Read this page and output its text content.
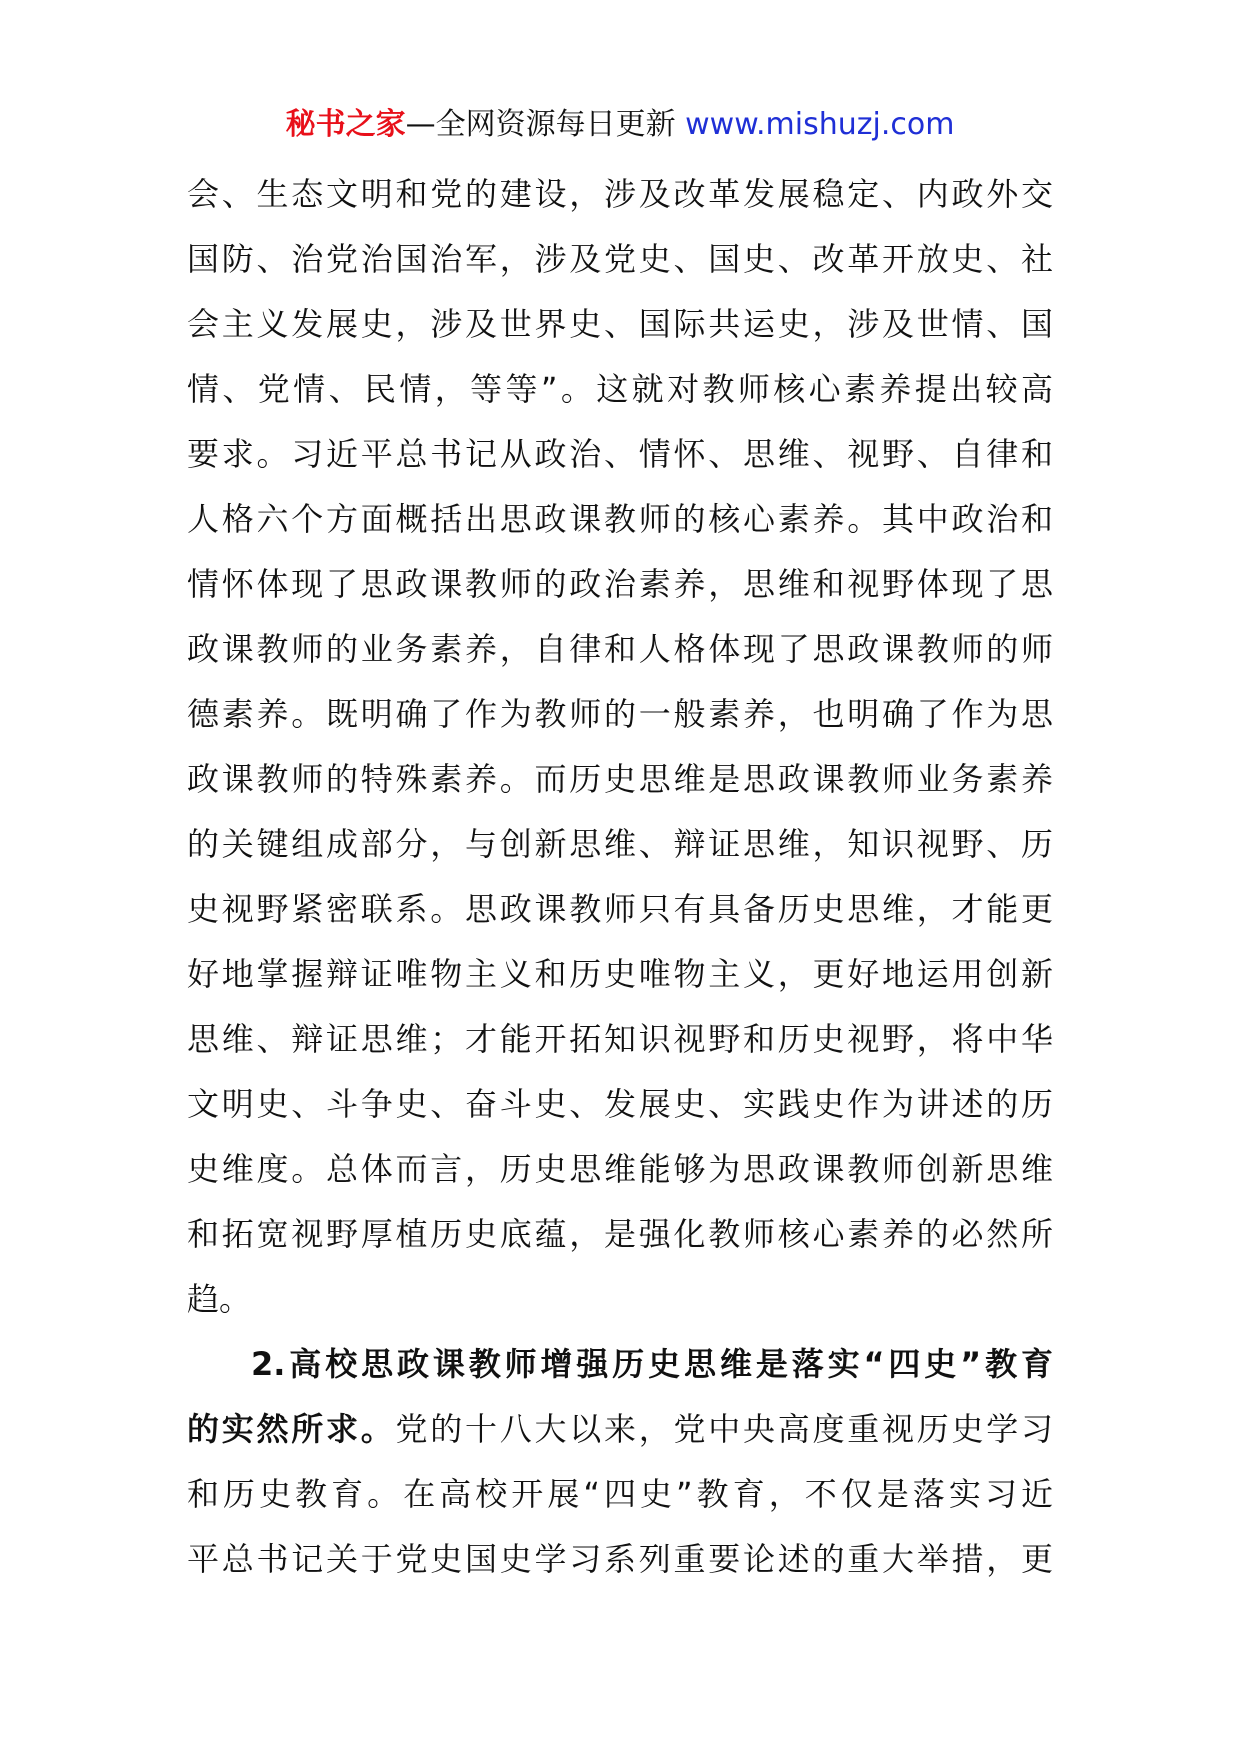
秘书之家—全网资源每日更新 www.mishuzj.com
会、生态文明和党的建设，涉及改革发展稳定、内政外交
国防、治党治国治军，涉及党史、国史、改革开放史、社
会主义发展史，涉及世界史、国际共运史，涉及世情、国
情、党情、民情，等等”。这就对教师核心素养提出较高
要求。习近平总书记从政治、情怀、思维、视野、自律和
人格六个方面概括出思政课教师的核心素养。其中政治和
情怀体现了思政课教师的政治素养，思维和视野体现了思
政课教师的业务素养，自律和人格体现了思政课教师的师
德素养。既明确了作为教师的一般素养，也明确了作为思
政课教师的特殊素养。而历史思维是思政课教师业务素养
的关键组成部分，与创新思维、辩证思维，知识视野、历
史视野紧密联系。思政课教师只有具备历史思维，才能更
好地掌握辩证唯物主义和历史唯物主义，更好地运用创新
思维、辩证思维；才能开拓知识视野和历史视野，将中华
文明史、斗争史、奋斗史、发展史、实践史作为讲述的历
史维度。总体而言，历史思维能够为思政课教师创新思维
和拓宽视野厚植历史底蕴，是强化教师核心素养的必然所
趋。
2.高校思政课教师增强历史思维是落实“四史”教育
的实然所求。党的十八大以来，党中央高度重视历史学习
和历史教育。在高校开展“四史”教育，不仅是落实习近
平总书记关于党史国史学习系列重要论述的重大举措，更
